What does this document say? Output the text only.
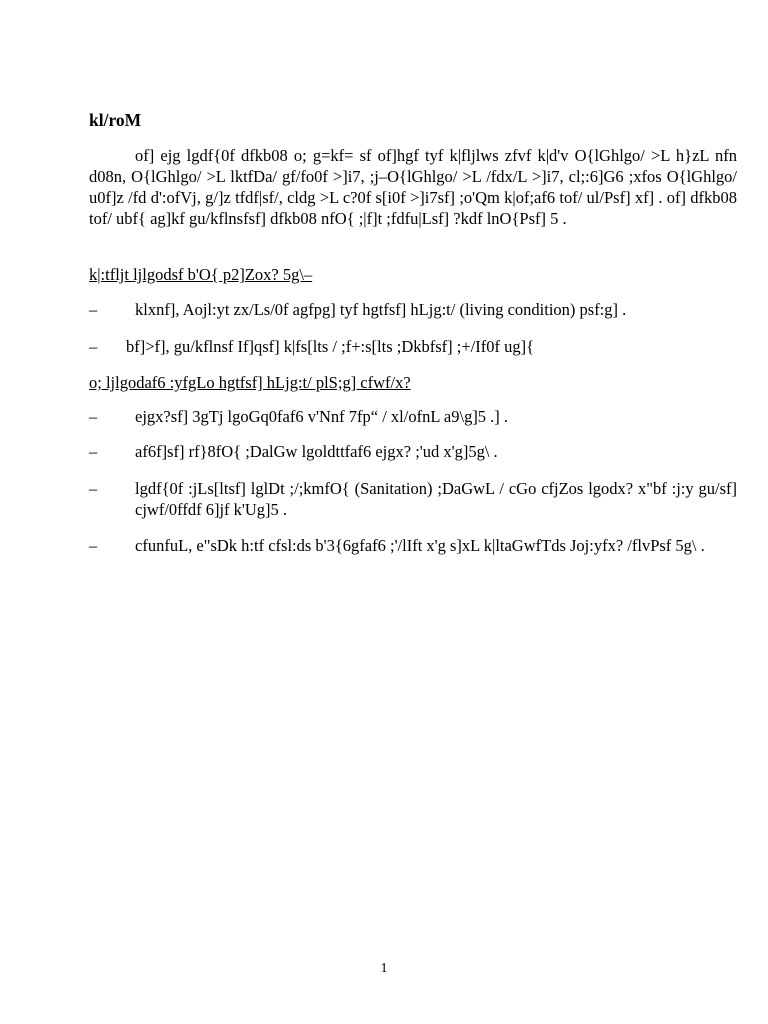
kl/roM

of] ejg lgdf{0f dfkb08 o; g=kf= sf of]hgf tyf k|fljlws zfvf k|d'v O{lGhlgo/ >L h}zL nfn d08n, O{lGhlgo/ >L lktfDa/ gf/fo0f >]i7, ;j–O{lGhlgo/ >L /fdx/L >]i7, cl;:6]G6 ;xfos O{lGhlgo/ u0f]z /fd d':ofVj, g/]z tfdf|sf/, cldg >L c?0f s[i0f >]i7sf] ;o'Qm k|of;af6 tof/ ul/Psf] xf] . of] dfkb08 tof/ ubf{ ag]kf gu/kflnsfsf] dfkb08 nfO{ ;|f]t ;fdfu|Lsf] ?kdf lnO{Psf] 5 .

k|:tfljt ljlgodsf b'O{ p2]Zox? 5g\–
–	klxnf], Aojl:yt zx/Ls/0f agfpg] tyf hgtfsf] hLjg:t/ (living condition) psf:g] .
–	bf]>f], gu/kflnsf If]qsf] k|fs[lts / ;f+:s[lts ;Dkbfsf] ;+/If0f ug]{
o; ljlgodaf6 :yfgLo hgtfsf] hLjg:t/ plS;g] cfwf/x?
–	ejgx?sf] 3gTj lgoGq0faf6 v'Nnf 7fp“ / xl/ofnL a9\g]5 .] .
–	af6f]sf] rf}8fO{ ;DalGw lgoldttfaf6 ejgx? ;'ud x'g]5g\ .
–	lgdf{0f :jLs[ltsf] lglDt ;/;kmfO{ (Sanitation) ;DaGwL / cGo cfjZos lgodx? x"bf :j:y gu/sf] cjwf/0ffdf 6]jf k'Ug]5 .
–	cfunfuL, e"sDk h:tf cfsl:ds b'3{6gfaf6 ;'/lIft x'g s]xL k|ltaGwfTds Joj:yfx? /flvPsf 5g\ .
1
